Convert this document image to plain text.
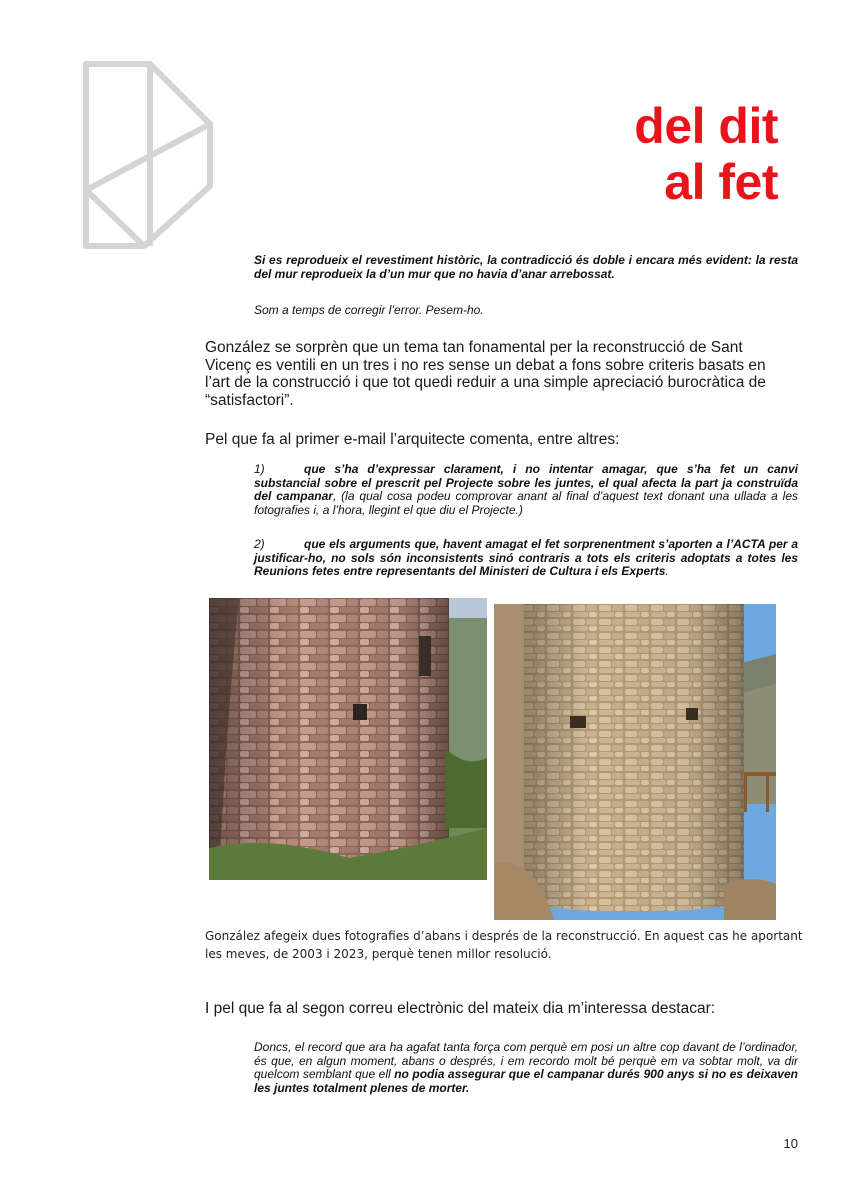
del dit
al fet
Si es reprodueix el revestiment històric, la contradicció és doble i encara més evident: la resta del mur reprodueix la d’un mur que no havia d’anar arrebossat.
Som a temps de corregir l’error. Pesem-ho.
González se sorprèn que un tema tan fonamental per la reconstrucció de Sant Vicenç es ventili en un tres i no res sense un debat a fons sobre criteris basats en l’art de la construcció i que tot quedi reduir a una simple apreciació burocràtica de “satisfactori”.
Pel que fa al primer e-mail l’arquitecte comenta, entre altres:
1)	que s’ha d’expressar clarament, i no intentar amagar, que s’ha fet un canvi substancial sobre el prescrit pel Projecte sobre les juntes, el qual afecta la part ja construïda del campanar, (la qual cosa podeu comprovar anant al final d’aquest text donant una ullada a les fotografies i, a l’hora, llegint el que diu el Projecte.)
2)	que els arguments que, havent amagat el fet sorprenentment s’aporten a l’ACTA per a justificar-ho, no sols són inconsistents sinó contraris a tots els criteris adoptats a totes les Reunions fetes entre representants del Ministeri de Cultura i els Experts.
González afegeix dues fotografies d’abans i després de la reconstrucció. En aquest cas he aportant les meves, de 2003 i 2023, perquè tenen millor resolució.
I pel que fa al segon correu electrònic del mateix dia m’interessa destacar:
Doncs, el record que ara ha agafat tanta força com perquè em posi un altre cop davant de l’ordinador, és que, en algun moment, abans o després, i em recordo molt bé perquè em va sobtar molt, va dir quelcom semblant que ell no podia assegurar que el campanar durés 900 anys si no es deixaven les juntes totalment plenes de morter.
10
